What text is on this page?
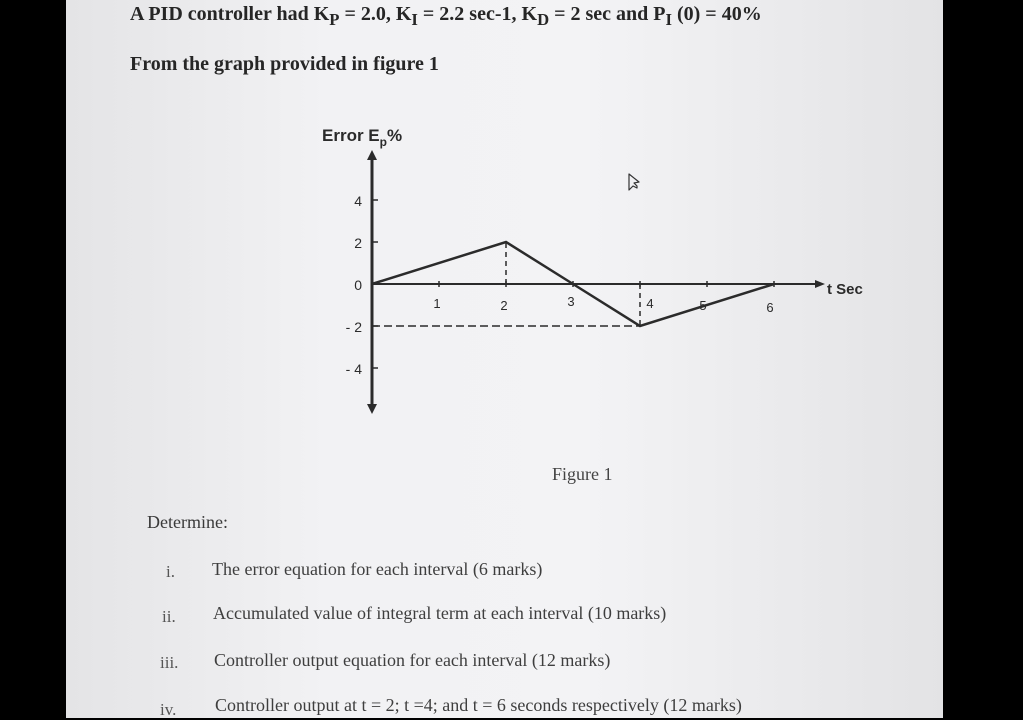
A PID controller had $K_P = 2.0$, $K_I = 2.2$ sec-1, $K_D = 2$ sec and $P_I$ (0) = 40%
From the graph provided in figure 1
Error $E_p\%$
t Sec
4
2
0
- 2
- 4
1	2	3	4	5	6
Figure 1
Determine:
i. The error equation for each interval (6 marks)
ii. Accumulated value of integral term at each interval (10 marks)
iii. Controller output equation for each interval (12 marks)
iv. Controller output at t = 2; t =4; and t = 6 seconds respectively (12 marks)
